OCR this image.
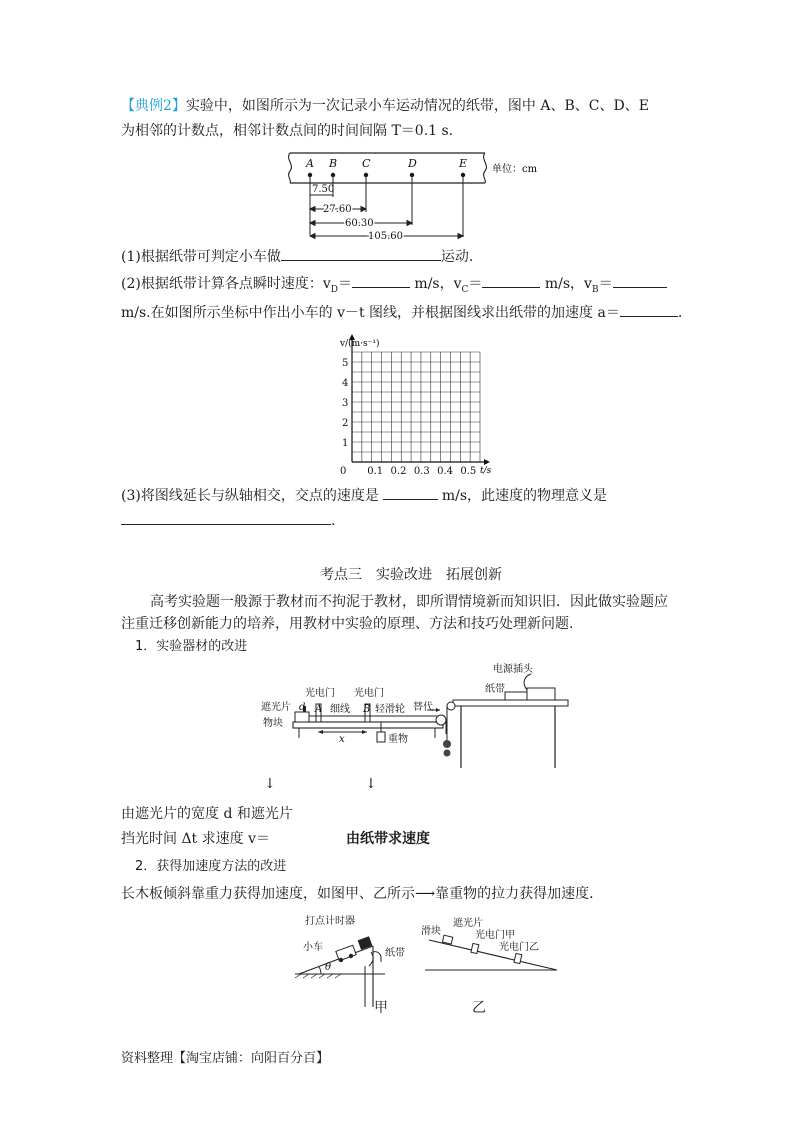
【典例2】实验中，如图所示为一次记录小车运动情况的纸带，图中 A、B、C、D、E
为相邻的计数点，相邻计数点间的时间间隔 T＝0.1 s.
A B C	D	E 单位：cm
7.50
27.60
60.30
105.60
(1)根据纸带可判定小车做	运动.
(2)根据纸带计算各点瞬时速度：$v_D=$	m/s，$v_C=$	m/s，$v_B=$
m/s.在如图所示坐标中作出小车的 v－t 图线，并根据图线求出纸带的加速度 a＝	.
0 0.1 0.2 0.3 0.4 0.5
1
2
3
4
5
v/(m·s⁻¹)
t/s
(3)将图线延长与纵轴相交，交点的速度是	m/s，此速度的物理意义是
.
考点三　实验改进　拓展创新
高考实验题一般源于教材而不拘泥于教材，即所谓情境新而知识旧．因此做实验题应
注重迁移创新能力的培养，用教材中实验的原理、方法和技巧处理新问题．
1．实验器材的改进
遮光片 d
物块
光电门 光电门
A	B
细线	轻滑轮
x	重物
替代
电源插头
纸带
↓	↓
由遮光片的宽度 d 和遮光片
挡光时间 Δt 求速度 v＝	由纸带求速度
2．获得加速度方法的改进
长木板倾斜靠重力获得加速度，如图甲、乙所示⟶靠重物的拉力获得加速度.
打点计时器
小车
纸带
θ
滑块
遮光片
光电门甲
光电门乙
甲	乙
资料整理【淘宝店铺：向阳百分百】
